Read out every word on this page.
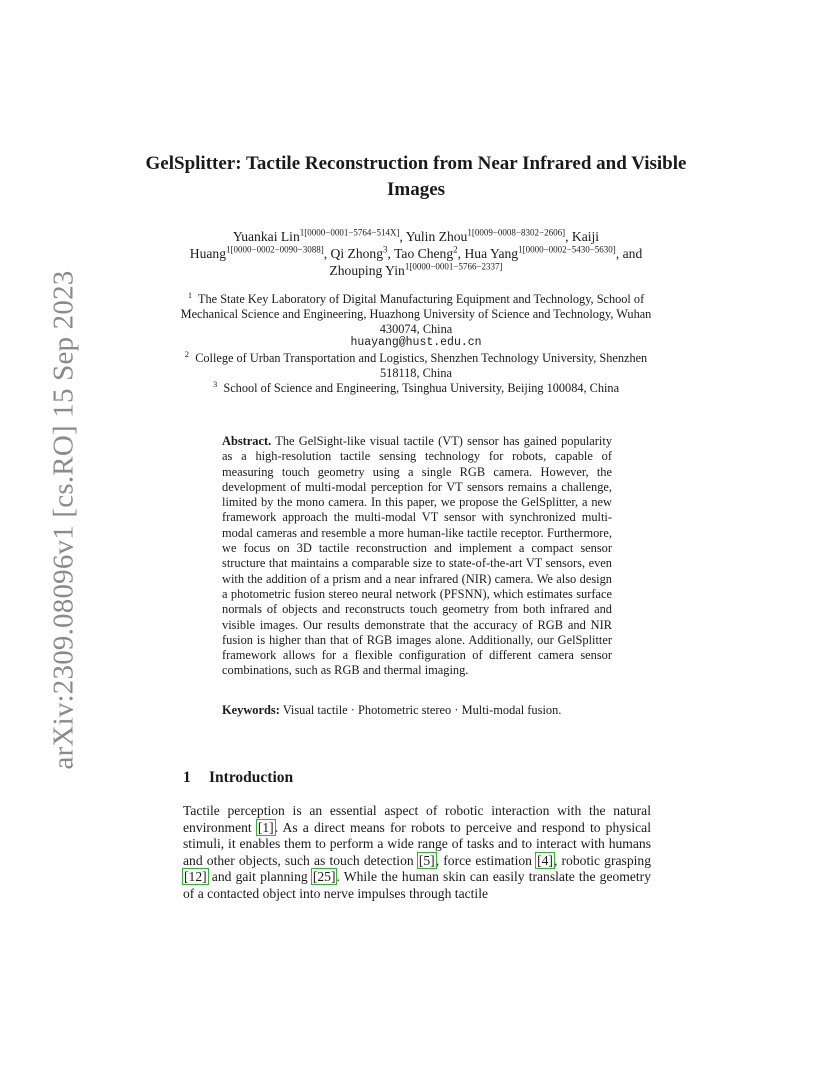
arXiv:2309.08096v1 [cs.RO] 15 Sep 2023
GelSplitter: Tactile Reconstruction from Near Infrared and Visible Images
Yuankai Lin$^{1[0000-0001-5764-514X]}$, Yulin Zhou$^{1[0009-0008-8302-2606]}$, Kaiji Huang$^{1[0000-0002-0090-3088]}$, Qi Zhong$^3$, Tao Cheng$^2$, Hua Yang$^{1[0000-0002-5430-5630]}$, and Zhouping Yin$^{1[0000-0001-5766-2337]}$
$^1$ The State Key Laboratory of Digital Manufacturing Equipment and Technology, School of Mechanical Science and Engineering, Huazhong University of Science and Technology, Wuhan 430074, China
huayang@hust.edu.cn
$^2$ College of Urban Transportation and Logistics, Shenzhen Technology University, Shenzhen 518118, China
$^3$ School of Science and Engineering, Tsinghua University, Beijing 100084, China
Abstract. The GelSight-like visual tactile (VT) sensor has gained popularity as a high-resolution tactile sensing technology for robots, capable of measuring touch geometry using a single RGB camera. However, the development of multi-modal perception for VT sensors remains a challenge, limited by the mono camera. In this paper, we propose the GelSplitter, a new framework approach the multi-modal VT sensor with synchronized multi-modal cameras and resemble a more human-like tactile receptor. Furthermore, we focus on 3D tactile reconstruction and implement a compact sensor structure that maintains a comparable size to state-of-the-art VT sensors, even with the addition of a prism and a near infrared (NIR) camera. We also design a photometric fusion stereo neural network (PFSNN), which estimates surface normals of objects and reconstructs touch geometry from both infrared and visible images. Our results demonstrate that the accuracy of RGB and NIR fusion is higher than that of RGB images alone. Additionally, our GelSplitter framework allows for a flexible configuration of different camera sensor combinations, such as RGB and thermal imaging.
Keywords: Visual tactile · Photometric stereo · Multi-modal fusion.
1 Introduction
Tactile perception is an essential aspect of robotic interaction with the natural environment [1]. As a direct means for robots to perceive and respond to physical stimuli, it enables them to perform a wide range of tasks and to interact with humans and other objects, such as touch detection [5], force estimation [4], robotic grasping [12] and gait planning [25]. While the human skin can easily translate the geometry of a contacted object into nerve impulses through tactile
